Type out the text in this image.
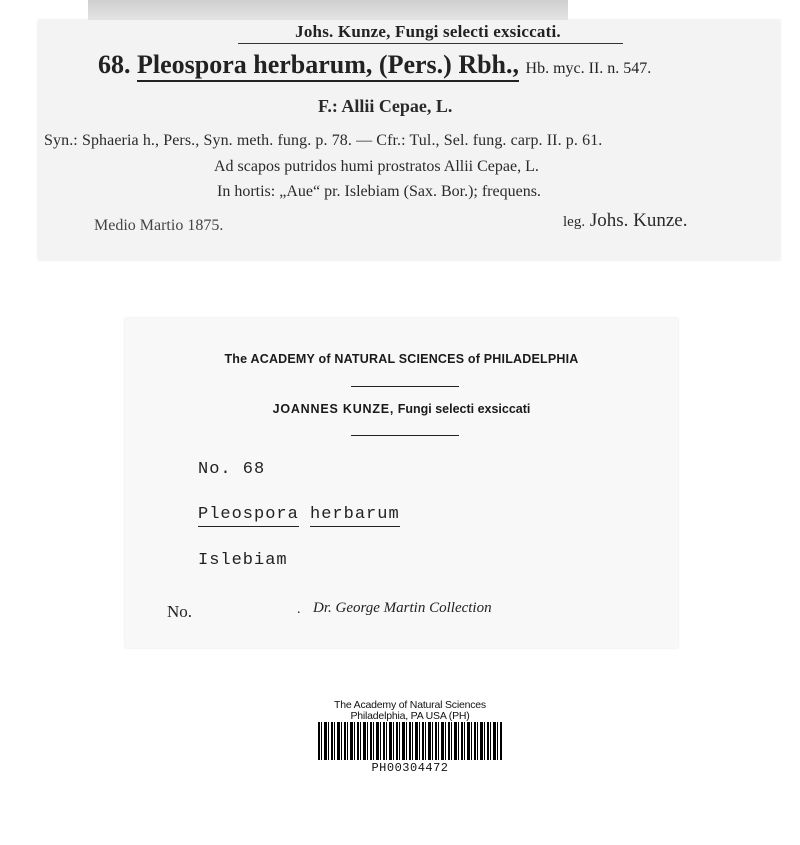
Johs. Kunze, Fungi selecti exsiccati.
68. Pleospora herbarum, (Pers.) Rbh., Hb. myc. II. n. 547.
F.: Allii Cepae, L.
Syn.: Sphaeria h., Pers., Syn. meth. fung. p. 78. — Cfr.: Tul., Sel. fung. carp. II. p. 61.
Ad scapos putridos humi prostratos Allii Cepae, L.
In hortis: „Aue“ pr. Islebiam (Sax. Bor.); frequens.
Medio Martio 1875.	leg. Johs. Kunze.
The ACADEMY of NATURAL SCIENCES of PHILADELPHIA
JOANNES KUNZE, Fungi selecti exsiccati
No. 68
Pleospora herbarum
Islebiam
No.	. Dr. George Martin Collection
The Academy of Natural Sciences
Philadelphia, PA USA (PH)
PH00304472
